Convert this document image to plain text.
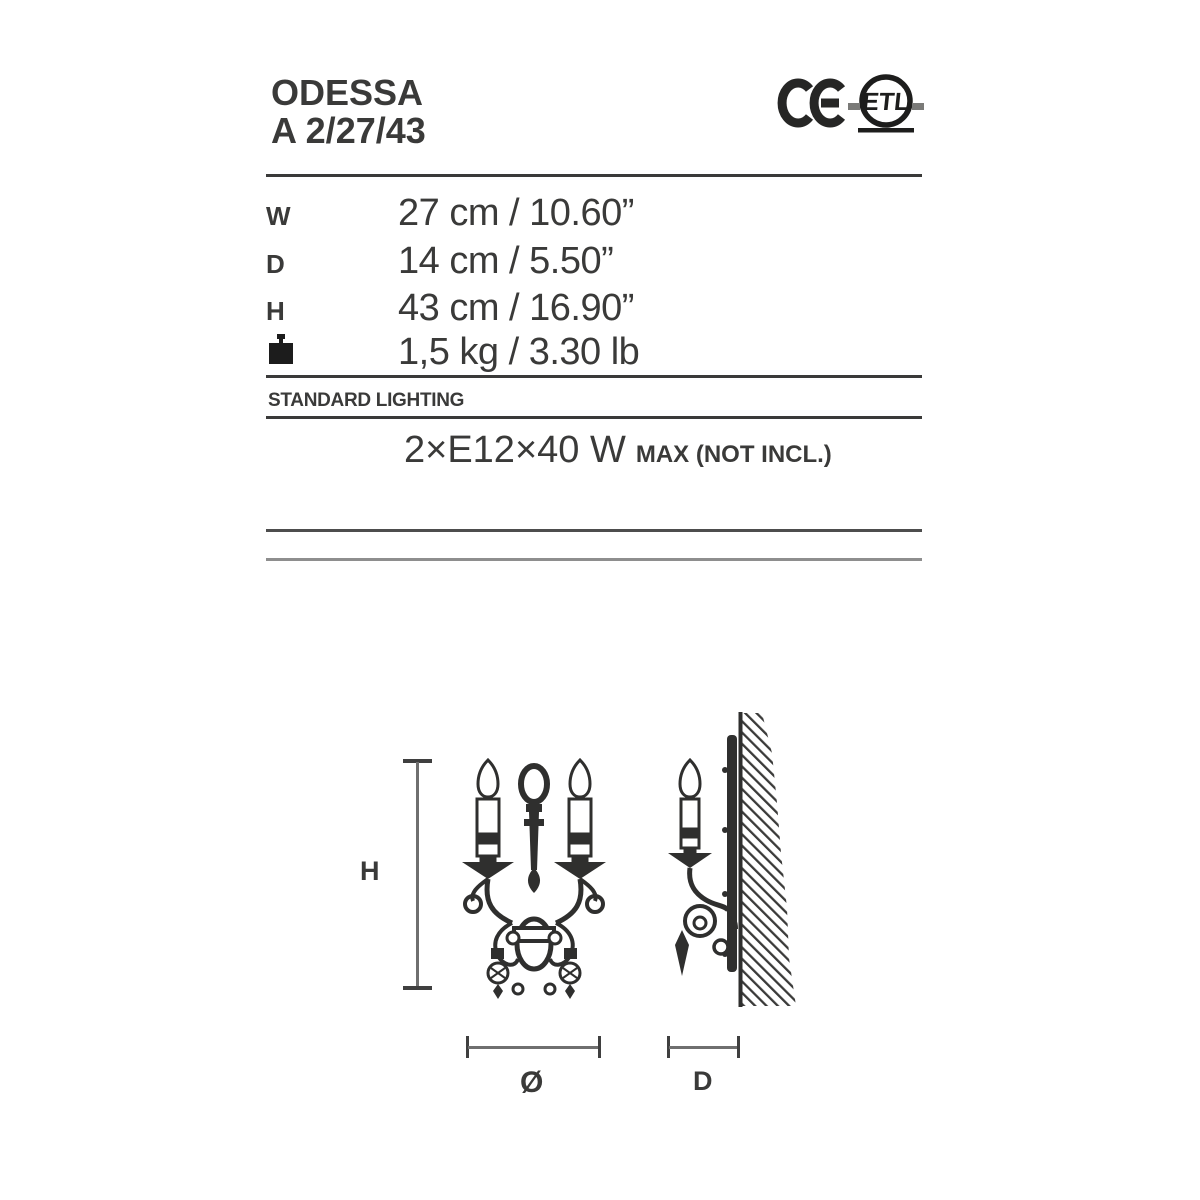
ODESSA
A 2/27/43
ETL
W	27 cm / 10.60”
D	14 cm / 5.50”
H	43 cm / 16.90”
1,5 kg / 3.30 lb
STANDARD LIGHTING
2×E12×40 W MAX (NOT INCL.)
H
Ø	D
